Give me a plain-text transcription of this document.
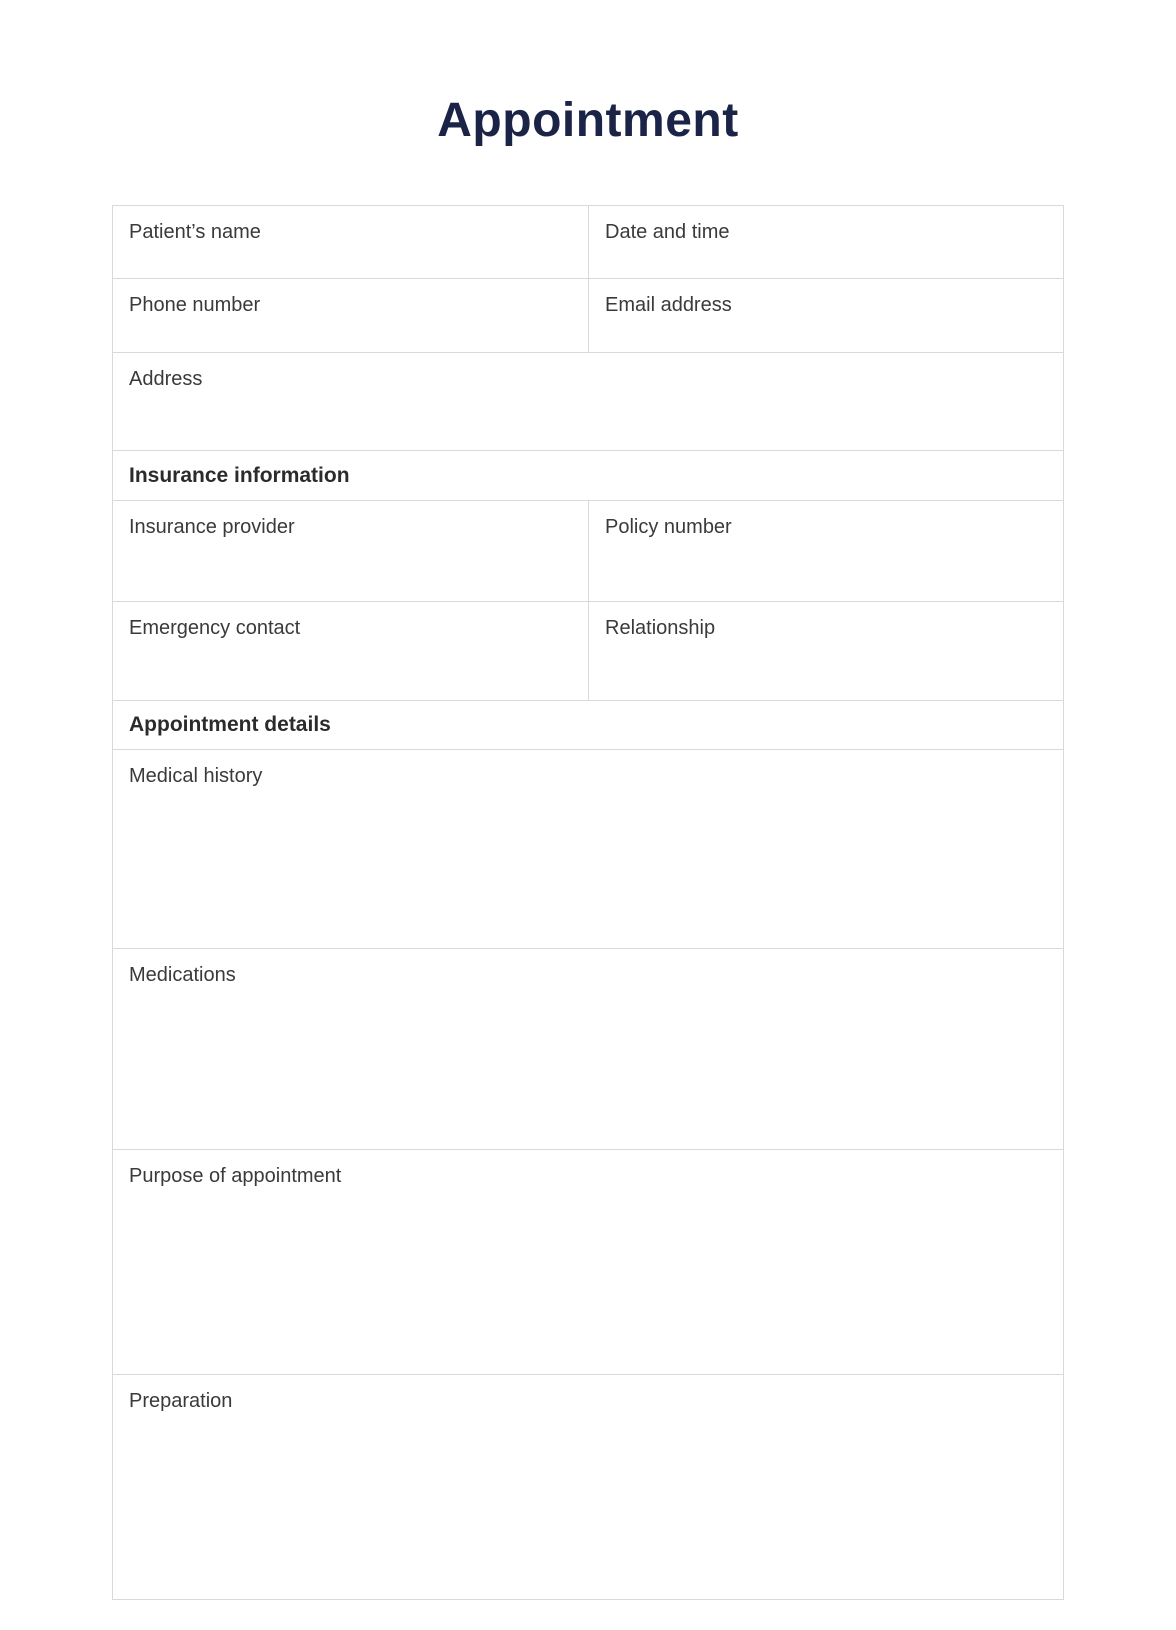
Appointment
Patient’s name	Date and time
Phone number	Email address
Address
Insurance information
Insurance provider	Policy number
Emergency contact	Relationship
Appointment details
Medical history
Medications
Purpose of appointment
Preparation
